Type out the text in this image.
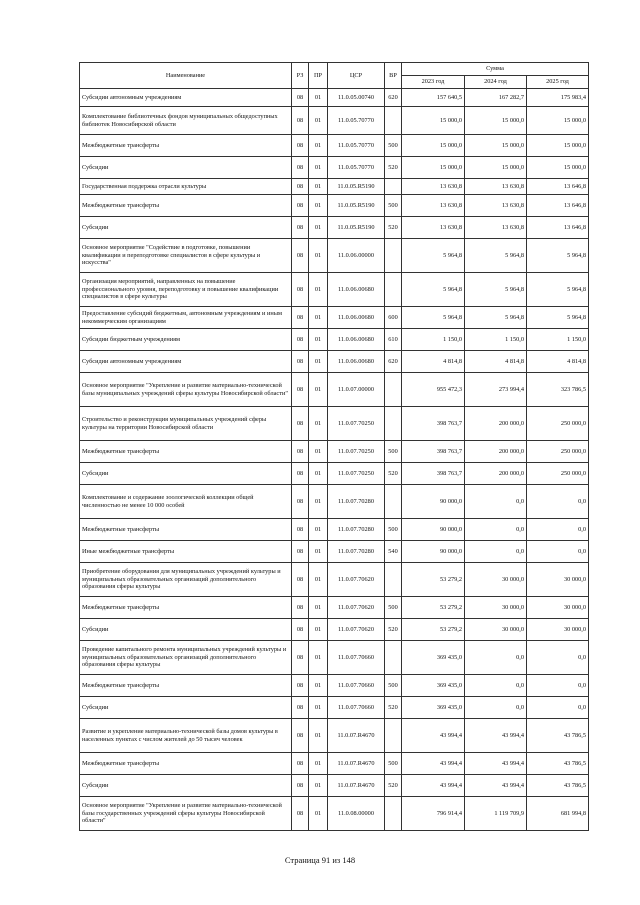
Наименование	РЗ	ПР	ЦСР	ВР	Сумма		
					2023 год	2024 год	2025 год
Субсидии автономным учреждениям	08	01	11.0.05.00740	620	157 640,5	167 282,7	175 983,4
Комплектование библиотечных фондов муниципальных общедоступных библиотек Новосибирской области	08	01	11.0.05.70770		15 000,0	15 000,0	15 000,0
Межбюджетные трансферты	08	01	11.0.05.70770	500	15 000,0	15 000,0	15 000,0
Субсидии	08	01	11.0.05.70770	520	15 000,0	15 000,0	15 000,0
Государственная поддержка отрасли культуры	08	01	11.0.05.R5190		13 630,8	13 630,8	13 646,8
Межбюджетные трансферты	08	01	11.0.05.R5190	500	13 630,8	13 630,8	13 646,8
Субсидии	08	01	11.0.05.R5190	520	13 630,8	13 630,8	13 646,8
Основное мероприятие "Содействие в подготовке, повышении квалификации и переподготовке специалистов в сфере культуры и искусства"	08	01	11.0.06.00000		5 964,8	5 964,8	5 964,8
Организация мероприятий, направленных на повышение профессионального уровня, переподготовку и повышение квалификации специалистов в сфере культуры	08	01	11.0.06.00680		5 964,8	5 964,8	5 964,8
Предоставление субсидий бюджетным, автономным учреждениям и иным некоммерческим организациям	08	01	11.0.06.00680	600	5 964,8	5 964,8	5 964,8
Субсидии бюджетным учреждениям	08	01	11.0.06.00680	610	1 150,0	1 150,0	1 150,0
Субсидии автономным учреждениям	08	01	11.0.06.00680	620	4 814,8	4 814,8	4 814,8
Основное мероприятие "Укрепление и развитие материально-технической базы муниципальных учреждений сферы культуры Новосибирской области"	08	01	11.0.07.00000		955 472,3	273 994,4	323 786,5
Строительство и реконструкция муниципальных учреждений сферы культуры на территории Новосибирской области	08	01	11.0.07.70250		398 763,7	200 000,0	250 000,0
Межбюджетные трансферты	08	01	11.0.07.70250	500	398 763,7	200 000,0	250 000,0
Субсидии	08	01	11.0.07.70250	520	398 763,7	200 000,0	250 000,0
Комплектование и содержание зоологической коллекции общей численностью не менее 10 000 особей	08	01	11.0.07.70280		90 000,0	0,0	0,0
Межбюджетные трансферты	08	01	11.0.07.70280	500	90 000,0	0,0	0,0
Иные межбюджетные трансферты	08	01	11.0.07.70280	540	90 000,0	0,0	0,0
Приобретение оборудования для муниципальных учреждений культуры и муниципальных образовательных организаций дополнительного образования сферы культуры	08	01	11.0.07.70620		53 279,2	30 000,0	30 000,0
Межбюджетные трансферты	08	01	11.0.07.70620	500	53 279,2	30 000,0	30 000,0
Субсидии	08	01	11.0.07.70620	520	53 279,2	30 000,0	30 000,0
Проведение капитального ремонта муниципальных учреждений культуры и муниципальных образовательных организаций дополнительного образования сферы культуры	08	01	11.0.07.70660		369 435,0	0,0	0,0
Межбюджетные трансферты	08	01	11.0.07.70660	500	369 435,0	0,0	0,0
Субсидии	08	01	11.0.07.70660	520	369 435,0	0,0	0,0
Развитие и укрепление материально-технической базы домов культуры в населенных пунктах с числом жителей до 50 тысяч человек	08	01	11.0.07.R4670		43 994,4	43 994,4	43 786,5
Межбюджетные трансферты	08	01	11.0.07.R4670	500	43 994,4	43 994,4	43 786,5
Субсидии	08	01	11.0.07.R4670	520	43 994,4	43 994,4	43 786,5
Основное мероприятие "Укрепление и развитие материально-технической базы государственных учреждений сферы культуры Новосибирской области"	08	01	11.0.08.00000		796 914,4	1 119 709,9	681 994,8
Страница 91 из 148
